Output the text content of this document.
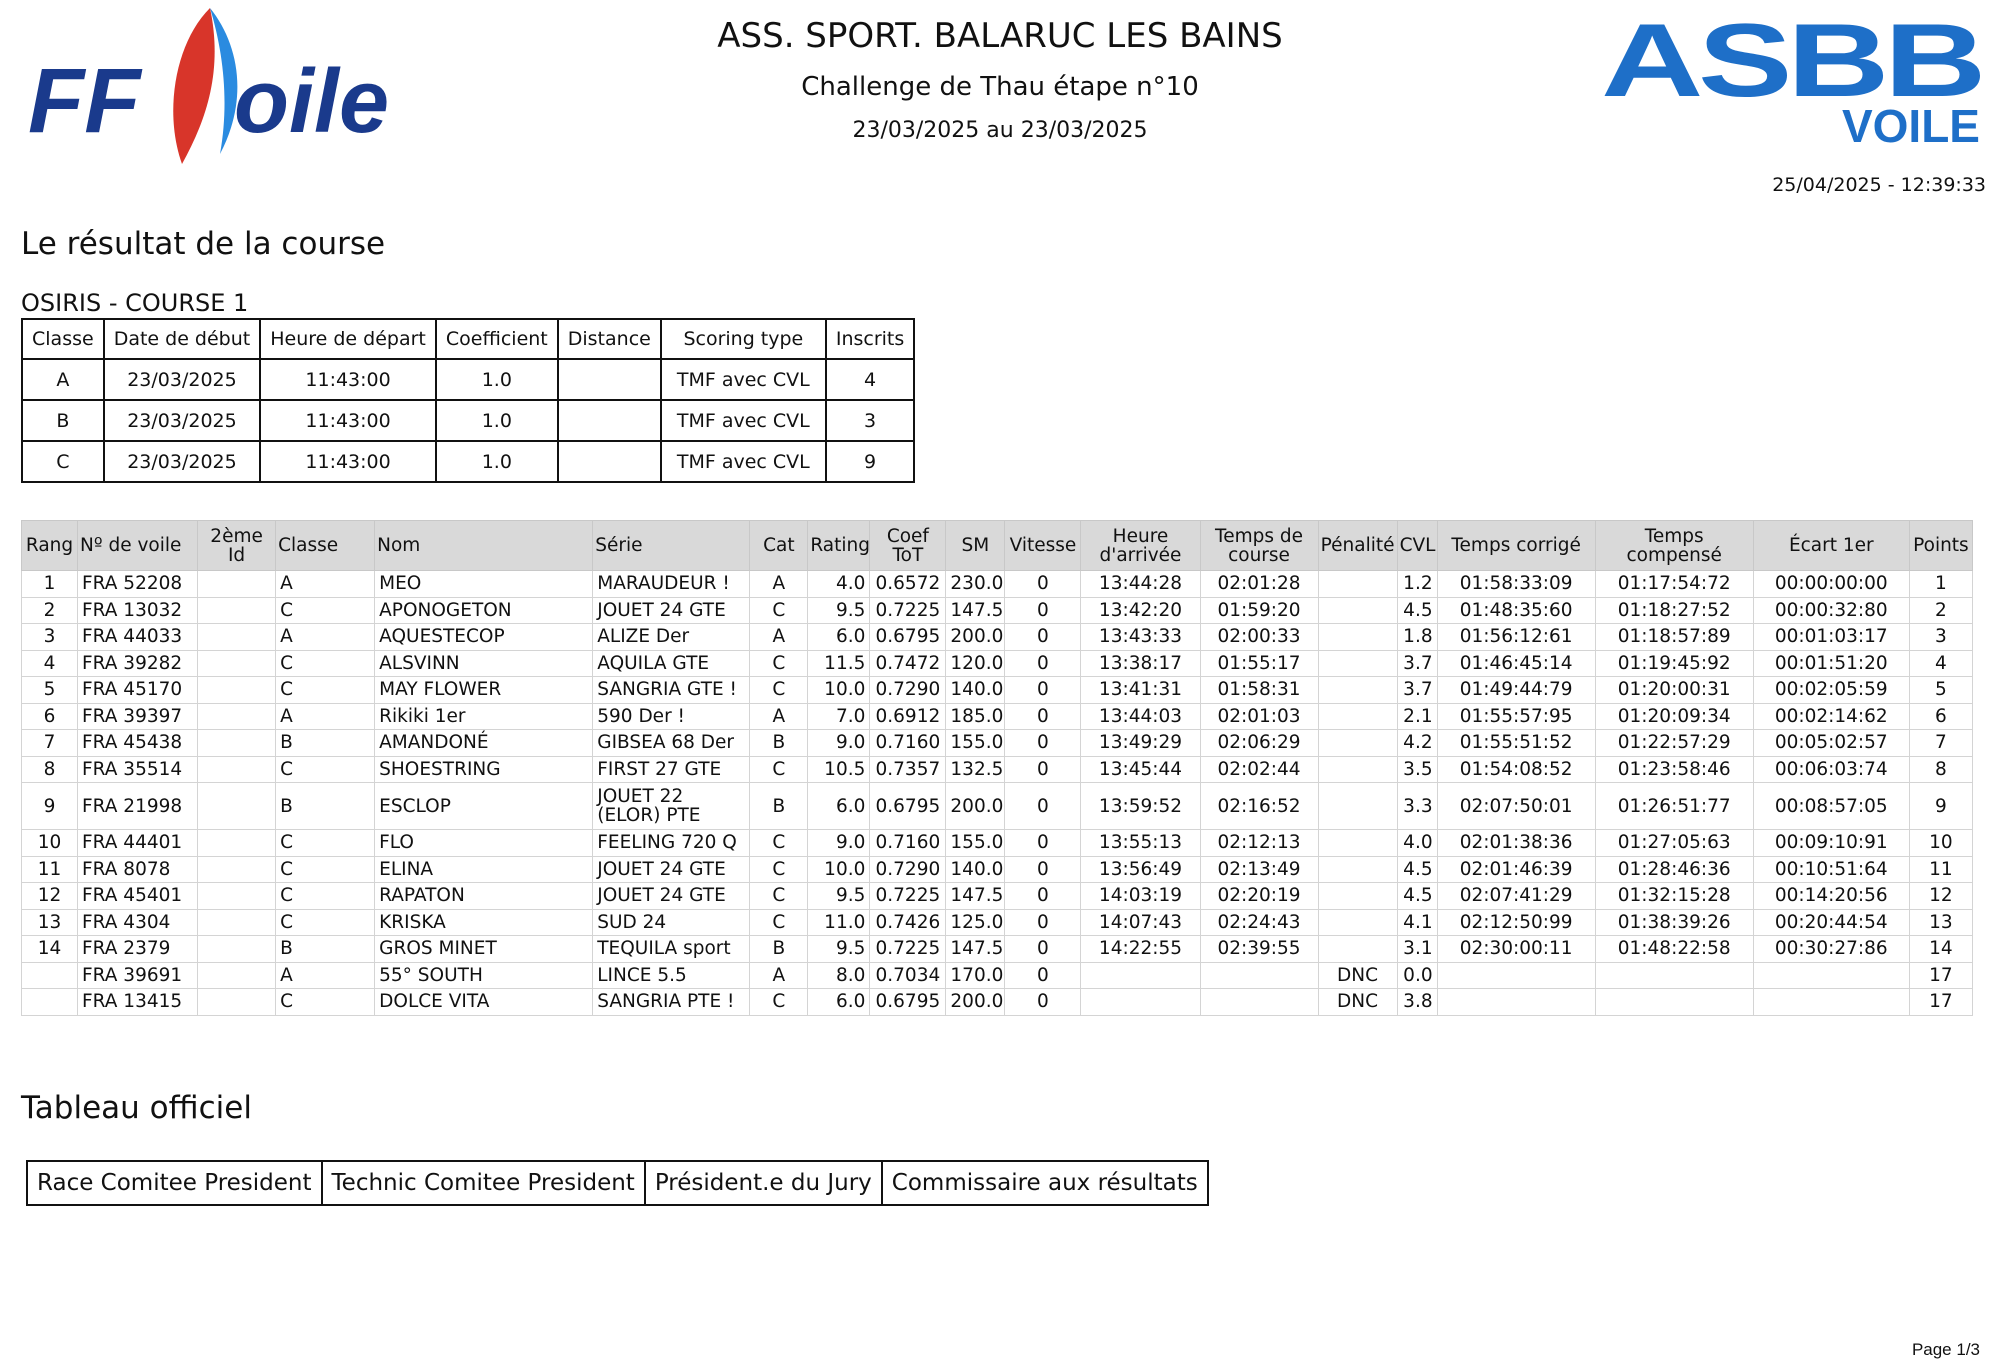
FF oile
ASS. SPORT. BALARUC LES BAINS
Challenge de Thau étape n°10
23/03/2025 au 23/03/2025
ASBB
VOILE
25/04/2025 - 12:39:33
Le résultat de la course
OSIRIS - COURSE 1
Classe	Date de début	Heure de départ	Coefficient	Distance	Scoring type	Inscrits
A	23/03/2025	11:43:00	1.0		TMF avec CVL	4
B	23/03/2025	11:43:00	1.0		TMF avec CVL	3
C	23/03/2025	11:43:00	1.0		TMF avec CVL	9
Rang	Nº de voile	2ème Id	Classe	Nom	Série	Cat	Rating	Coef ToT	SM	Vitesse	Heure d'arrivée	Temps de course	Pénalité	CVL	Temps corrigé	Temps compensé	Écart 1er	Points
1	FRA 52208		A	MEO	MARAUDEUR !	A	4.0	0.6572	230.0	0	13:44:28	02:01:28		1.2	01:58:33:09	01:17:54:72	00:00:00:00	1
2	FRA 13032		C	APONOGETON	JOUET 24 GTE	C	9.5	0.7225	147.5	0	13:42:20	01:59:20		4.5	01:48:35:60	01:18:27:52	00:00:32:80	2
3	FRA 44033		A	AQUESTECOP	ALIZE Der	A	6.0	0.6795	200.0	0	13:43:33	02:00:33		1.8	01:56:12:61	01:18:57:89	00:01:03:17	3
4	FRA 39282		C	ALSVINN	AQUILA GTE	C	11.5	0.7472	120.0	0	13:38:17	01:55:17		3.7	01:46:45:14	01:19:45:92	00:01:51:20	4
5	FRA 45170		C	MAY FLOWER	SANGRIA GTE !	C	10.0	0.7290	140.0	0	13:41:31	01:58:31		3.7	01:49:44:79	01:20:00:31	00:02:05:59	5
6	FRA 39397		A	Rikiki 1er	590 Der !	A	7.0	0.6912	185.0	0	13:44:03	02:01:03		2.1	01:55:57:95	01:20:09:34	00:02:14:62	6
7	FRA 45438		B	AMANDONÉ	GIBSEA 68 Der	B	9.0	0.7160	155.0	0	13:49:29	02:06:29		4.2	01:55:51:52	01:22:57:29	00:05:02:57	7
8	FRA 35514		C	SHOESTRING	FIRST 27 GTE	C	10.5	0.7357	132.5	0	13:45:44	02:02:44		3.5	01:54:08:52	01:23:58:46	00:06:03:74	8
9	FRA 21998		B	ESCLOP	JOUET 22 (ELOR) PTE	B	6.0	0.6795	200.0	0	13:59:52	02:16:52		3.3	02:07:50:01	01:26:51:77	00:08:57:05	9
10	FRA 44401		C	FLO	FEELING 720 Q	C	9.0	0.7160	155.0	0	13:55:13	02:12:13		4.0	02:01:38:36	01:27:05:63	00:09:10:91	10
11	FRA 8078		C	ELINA	JOUET 24 GTE	C	10.0	0.7290	140.0	0	13:56:49	02:13:49		4.5	02:01:46:39	01:28:46:36	00:10:51:64	11
12	FRA 45401		C	RAPATON	JOUET 24 GTE	C	9.5	0.7225	147.5	0	14:03:19	02:20:19		4.5	02:07:41:29	01:32:15:28	00:14:20:56	12
13	FRA 4304		C	KRISKA	SUD 24	C	11.0	0.7426	125.0	0	14:07:43	02:24:43		4.1	02:12:50:99	01:38:39:26	00:20:44:54	13
14	FRA 2379		B	GROS MINET	TEQUILA sport	B	9.5	0.7225	147.5	0	14:22:55	02:39:55		3.1	02:30:00:11	01:48:22:58	00:30:27:86	14
	FRA 39691		A	55° SOUTH	LINCE 5.5	A	8.0	0.7034	170.0	0			DNC	0.0				17
	FRA 13415		C	DOLCE VITA	SANGRIA PTE !	C	6.0	0.6795	200.0	0			DNC	3.8				17
Tableau officiel
Race Comitee President Technic Comitee President Président.e du Jury Commissaire aux résultats
Page 1/3
